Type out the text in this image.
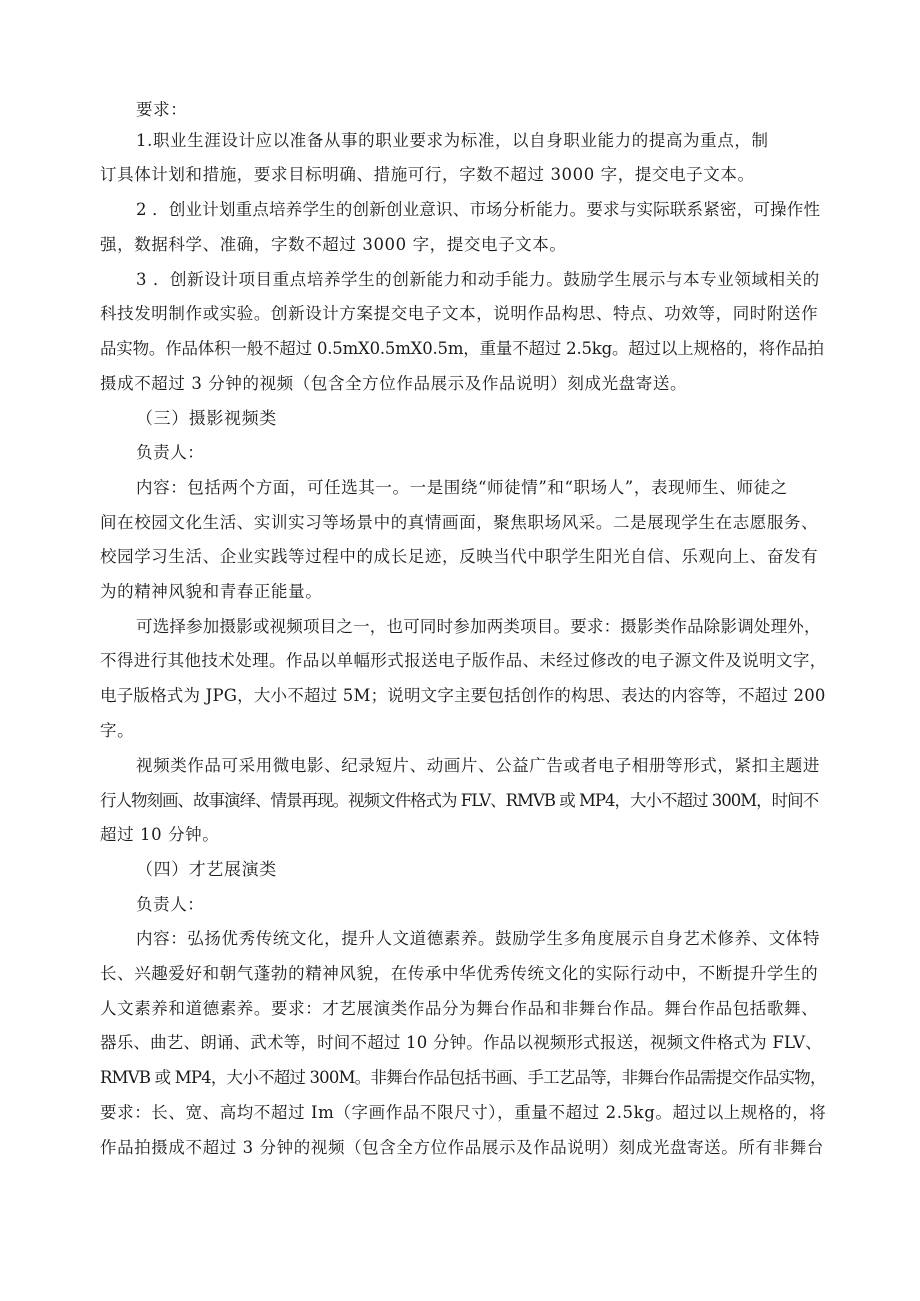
要求：

1.职业生涯设计应以准备从事的职业要求为标准，以自身职业能力的提高为重点，制

订具体计划和措施，要求目标明确、措施可行，字数不超过 3000 字，提交电子文本。

2 ．创业计划重点培养学生的创新创业意识、市场分析能力。要求与实际联系紧密，可操作性

强，数据科学、准确，字数不超过 3000 字，提交电子文本。

3 ．创新设计项目重点培养学生的创新能力和动手能力。鼓励学生展示与本专业领域相关的

科技发明制作或实验。创新设计方案提交电子文本，说明作品构思、特点、功效等，同时附送作

品实物。作品体积一般不超过 0.5mX0.5mX0.5m，重量不超过 2.5kg。超过以上规格的，将作品拍

摄成不超过 3 分钟的视频（包含全方位作品展示及作品说明）刻成光盘寄送。

（三）摄影视频类

负责人：

内容：包括两个方面，可任选其一。一是围绕“师徒情”和“职场人”，表现师生、师徒之

间在校园文化生活、实训实习等场景中的真情画面，聚焦职场风采。二是展现学生在志愿服务、

校园学习生活、企业实践等过程中的成长足迹，反映当代中职学生阳光自信、乐观向上、奋发有

为的精神风貌和青春正能量。

可选择参加摄影或视频项目之一，也可同时参加两类项目。要求：摄影类作品除影调处理外，

不得进行其他技术处理。作品以单幅形式报送电子版作品、未经过修改的电子源文件及说明文字，

电子版格式为 JPG，大小不超过 5M；说明文字主要包括创作的构思、表达的内容等，不超过 200

字。

视频类作品可采用微电影、纪录短片、动画片、公益广告或者电子相册等形式，紧扣主题进

行人物刻画、故事演绎、情景再现。视频文件格式为 FLV、RMVB 或 MP4，大小不超过 300M，时间不

超过 10 分钟。

（四）才艺展演类

负责人：

内容：弘扬优秀传统文化，提升人文道德素养。鼓励学生多角度展示自身艺术修养、文体特

长、兴趣爱好和朝气蓬勃的精神风貌，在传承中华优秀传统文化的实际行动中，不断提升学生的

人文素养和道德素养。要求：才艺展演类作品分为舞台作品和非舞台作品。舞台作品包括歌舞、

器乐、曲艺、朗诵、武术等，时间不超过 10 分钟。作品以视频形式报送，视频文件格式为 FLV、

RMVB 或 MP4，大小不超过 300M。非舞台作品包括书画、手工艺品等，非舞台作品需提交作品实物，

要求：长、宽、高均不超过 Im（字画作品不限尺寸），重量不超过 2.5kg。超过以上规格的，将

作品拍摄成不超过 3 分钟的视频（包含全方位作品展示及作品说明）刻成光盘寄送。所有非舞台
